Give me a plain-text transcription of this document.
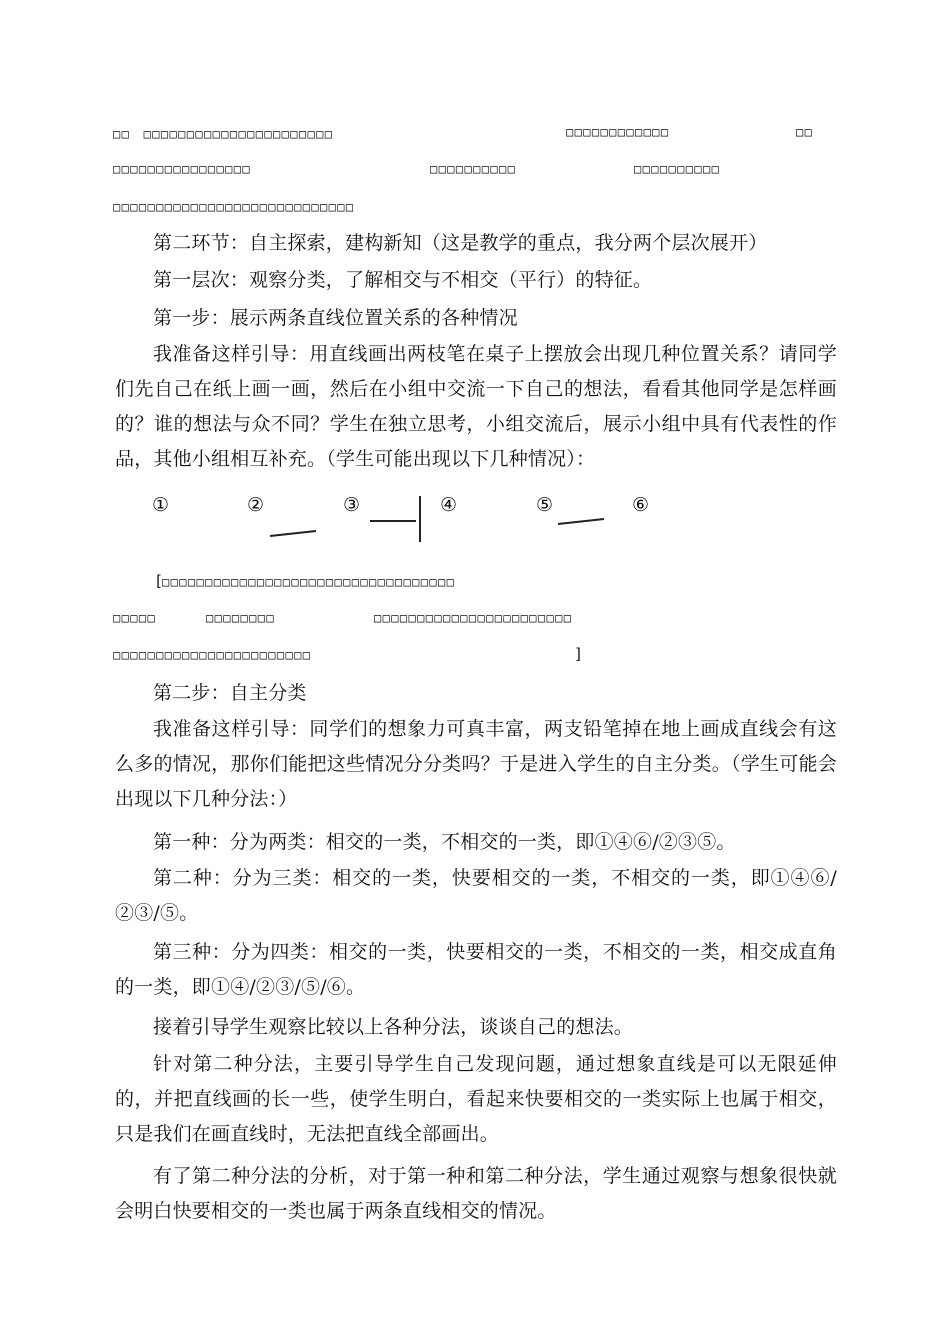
□□　□□□□□□□□□□□□□□□□□□□□□□	□□□□□□□□□□□□	□□
□□□□□□□□□□□□□□□□	□□□□□□□□□□	□□□□□□□□□□
□□□□□□□□□□□□□□□□□□□□□□□□□□□□
第二环节：自主探索，建构新知（这是教学的重点，我分两个层次展开）
第一层次：观察分类，了解相交与不相交（平行）的特征。
第一步：展示两条直线位置关系的各种情况
我准备这样引导：用直线画出两枝笔在桌子上摆放会出现几种位置关系？请同学们先自己在纸上画一画，然后在小组中交流一下自己的想法，看看其他同学是怎样画的？谁的想法与众不同？学生在独立思考，小组交流后，展示小组中具有代表性的作品，其他小组相互补充。（学生可能出现以下几种情况）：
①	②	③	④	⑤	⑥
[
□□□□□□□□□□□□□□□□□□□□□□□□□□□□□□□□□□
□□□□□	□□□□□□□□	□□□□□□□□□□□□□□□□□□□□□□□
□□□□□□□□□□□□□□□□□□□□□□□	]
第二步：自主分类
我准备这样引导：同学们的想象力可真丰富，两支铅笔掉在地上画成直线会有这么多的情况，那你们能把这些情况分分类吗？于是进入学生的自主分类。（学生可能会出现以下几种分法：）
第一种：分为两类：相交的一类，不相交的一类，即①④⑥/②③⑤。
第二种：分为三类：相交的一类，快要相交的一类，不相交的一类，即①④⑥/②③/⑤。
第三种：分为四类：相交的一类，快要相交的一类，不相交的一类，相交成直角的一类，即①④/②③/⑤/⑥。
接着引导学生观察比较以上各种分法，谈谈自己的想法。
针对第二种分法，主要引导学生自己发现问题，通过想象直线是可以无限延伸的，并把直线画的长一些，使学生明白，看起来快要相交的一类实际上也属于相交，只是我们在画直线时，无法把直线全部画出。
有了第二种分法的分析，对于第一种和第二种分法，学生通过观察与想象很快就会明白快要相交的一类也属于两条直线相交的情况。
